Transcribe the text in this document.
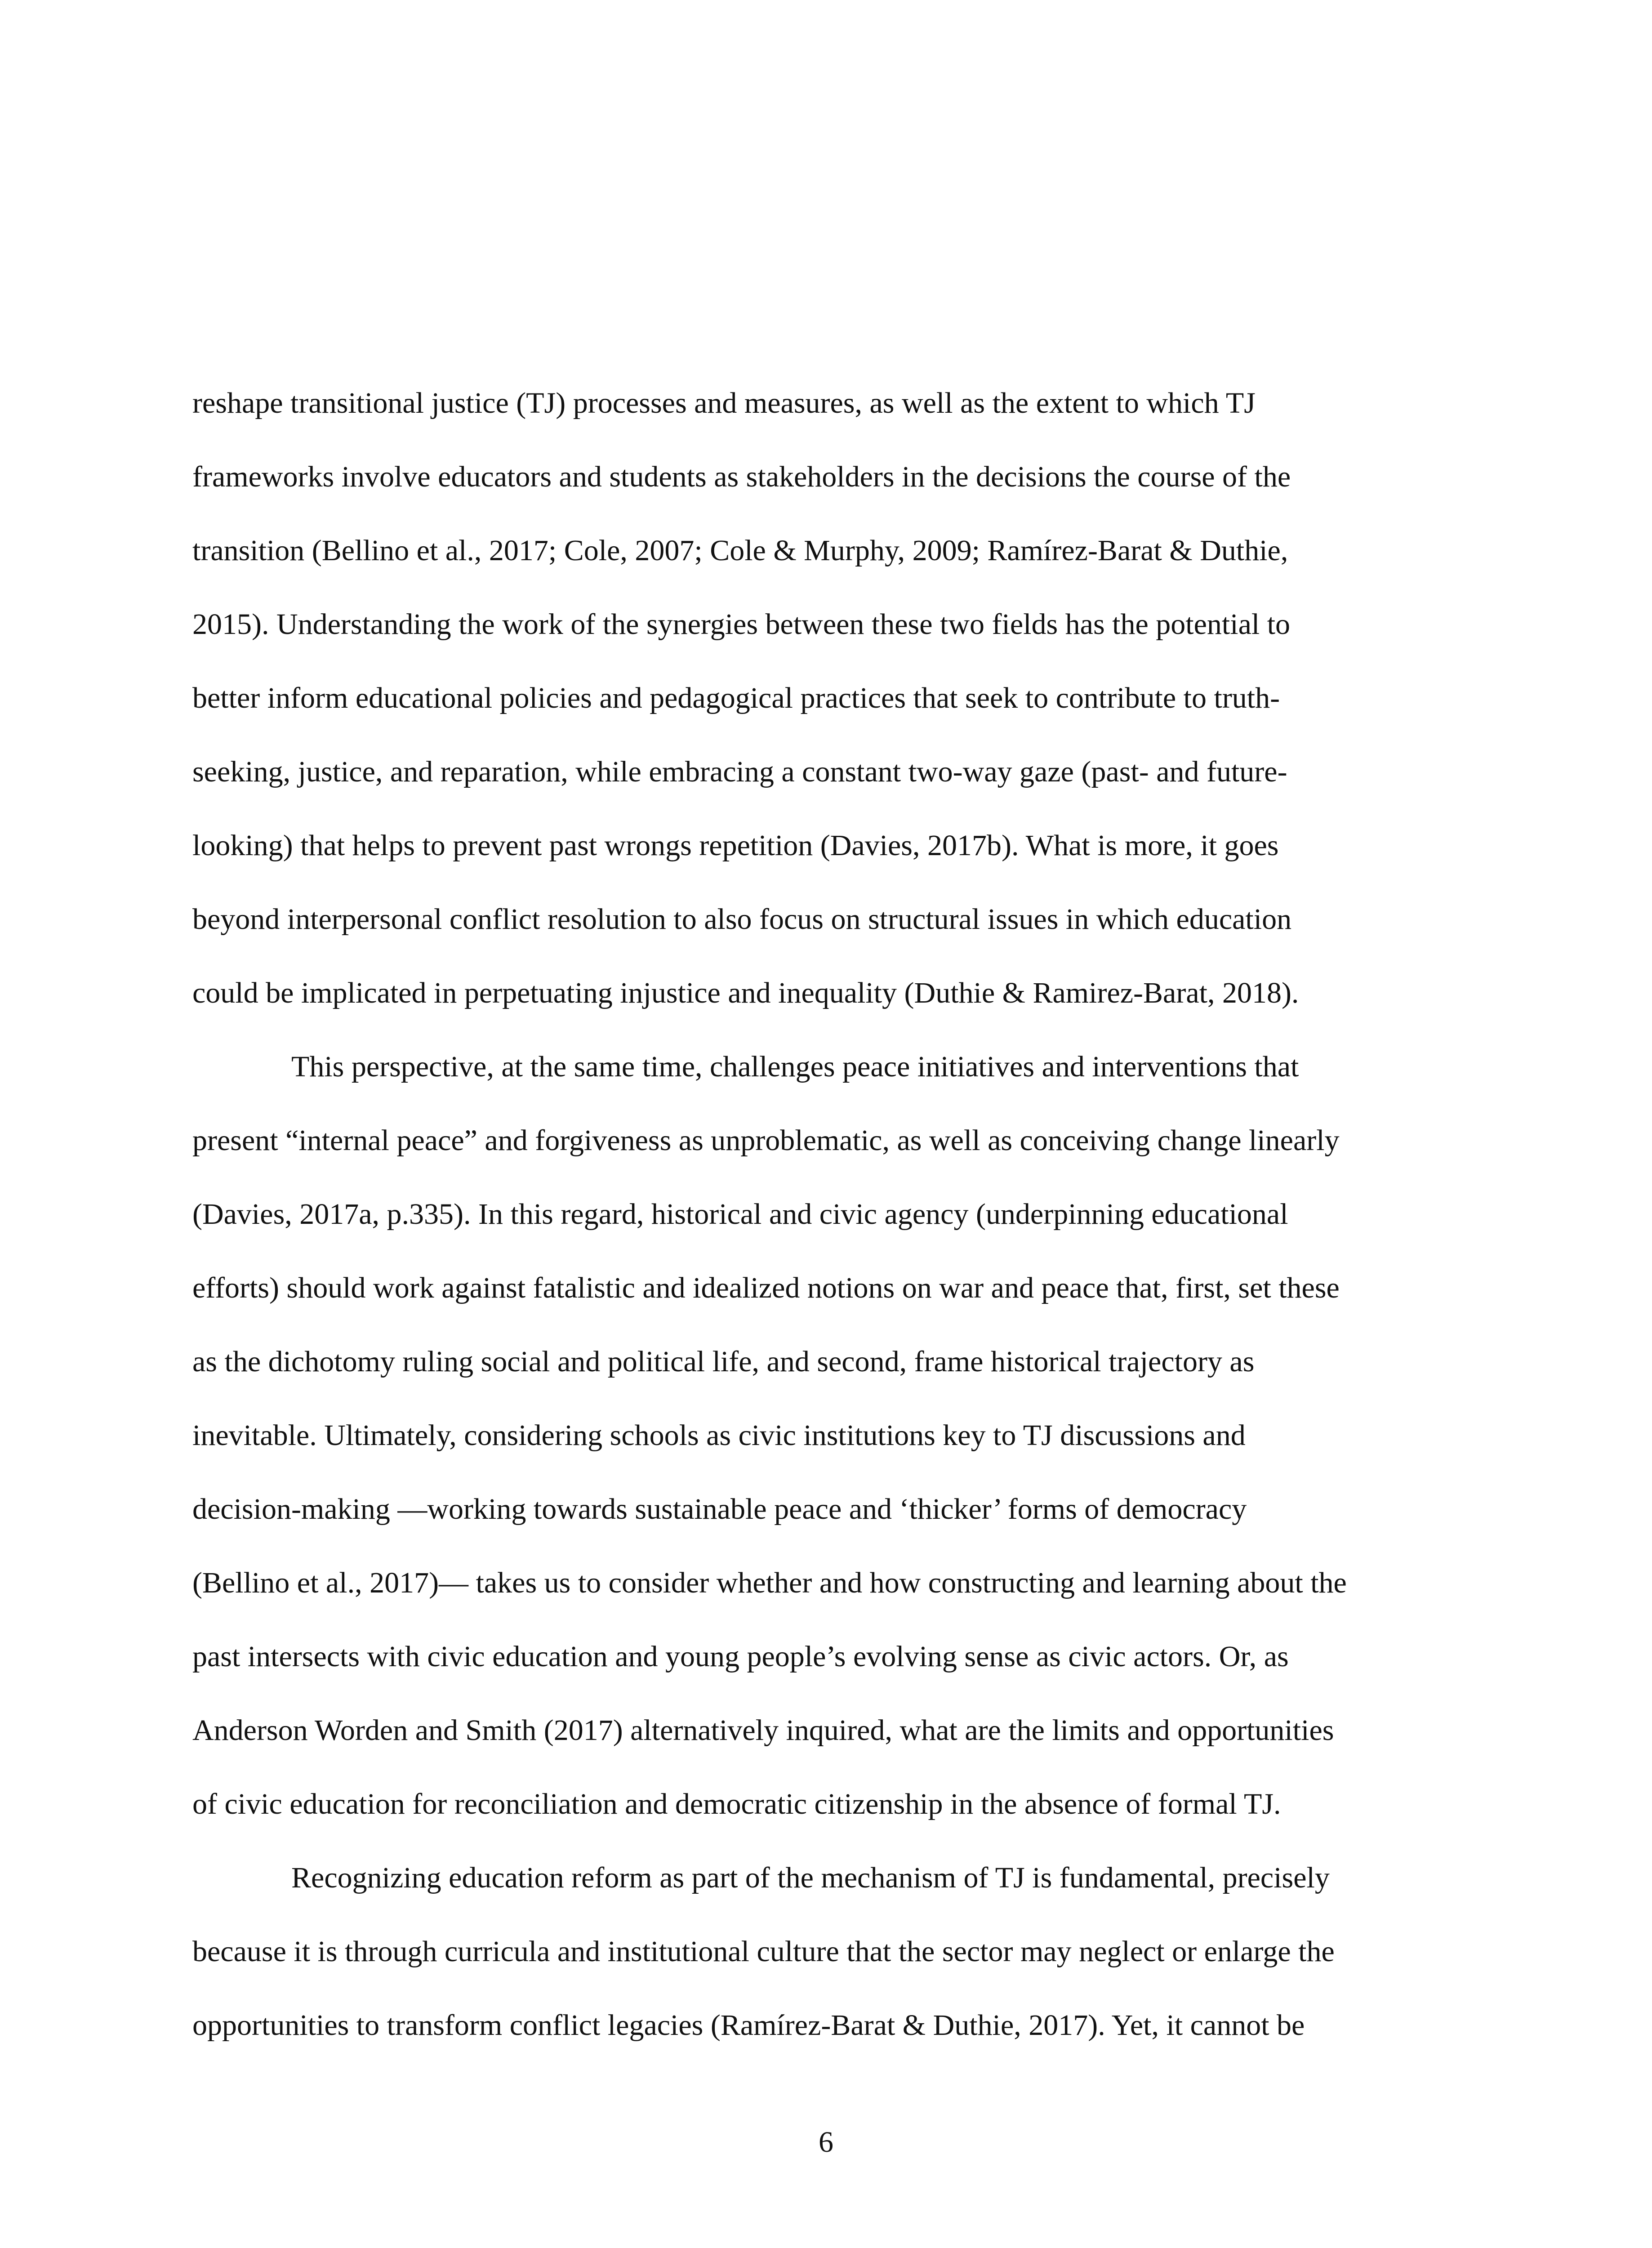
reshape transitional justice (TJ) processes and measures, as well as the extent to which TJ
frameworks involve educators and students as stakeholders in the decisions the course of the
transition (Bellino et al., 2017; Cole, 2007; Cole & Murphy, 2009; Ramírez-Barat & Duthie,
2015). Understanding the work of the synergies between these two fields has the potential to
better inform educational policies and pedagogical practices that seek to contribute to truth-
seeking, justice, and reparation, while embracing a constant two-way gaze (past- and future-
looking) that helps to prevent past wrongs repetition (Davies, 2017b). What is more, it goes
beyond interpersonal conflict resolution to also focus on structural issues in which education
could be implicated in perpetuating injustice and inequality (Duthie & Ramirez-Barat, 2018).
This perspective, at the same time, challenges peace initiatives and interventions that
present “internal peace” and forgiveness as unproblematic, as well as conceiving change linearly
(Davies, 2017a, p.335). In this regard, historical and civic agency (underpinning educational
efforts) should work against fatalistic and idealized notions on war and peace that, first, set these
as the dichotomy ruling social and political life, and second, frame historical trajectory as
inevitable. Ultimately, considering schools as civic institutions key to TJ discussions and
decision-making —working towards sustainable peace and ‘thicker’ forms of democracy
(Bellino et al., 2017)— takes us to consider whether and how constructing and learning about the
past intersects with civic education and young people’s evolving sense as civic actors. Or, as
Anderson Worden and Smith (2017) alternatively inquired, what are the limits and opportunities
of civic education for reconciliation and democratic citizenship in the absence of formal TJ.
Recognizing education reform as part of the mechanism of TJ is fundamental, precisely
because it is through curricula and institutional culture that the sector may neglect or enlarge the
opportunities to transform conflict legacies (Ramírez-Barat & Duthie, 2017). Yet, it cannot be
6
